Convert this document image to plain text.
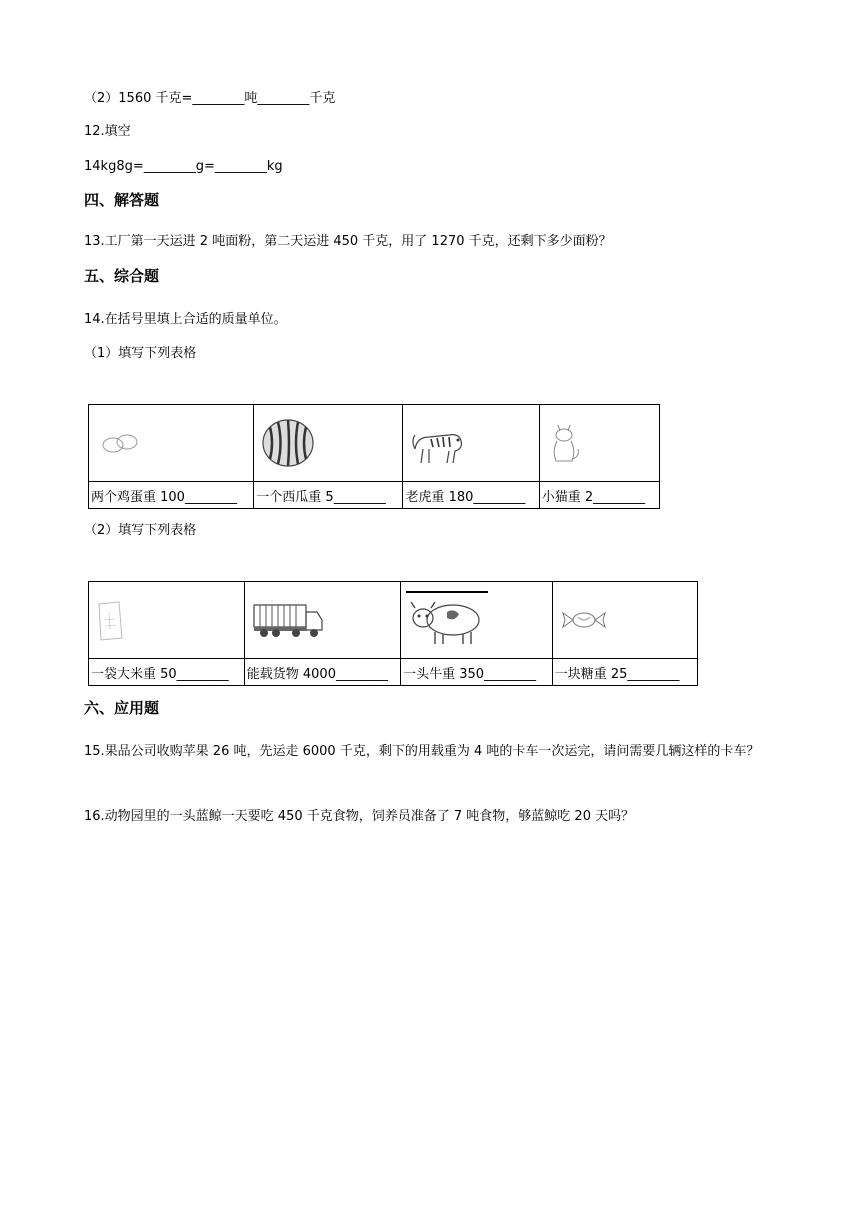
（2）1560 千克=________吨________千克
12.填空
14kg8g=________g=________kg
四、解答题
13.工厂第一天运进 2 吨面粉，第二天运进 450 千克，用了 1270 千克，还剩下多少面粉？
五、综合题
14.在括号里填上合适的质量单位。
（1）填写下列表格

两个鸡蛋重 100________	一个西瓜重 5________	老虎重 180________	小猫重 2________
（2）填写下列表格

一袋大米重 50________	能载货物 4000________	一头牛重 350________	一块糖重 25________
六、应用题
15.果品公司收购苹果 26 吨，先运走 6000 千克，剩下的用载重为 4 吨的卡车一次运完，请问需要几辆这样的卡车？
16.动物园里的一头蓝鲸一天要吃 450 千克食物，饲养员准备了 7 吨食物，够蓝鲸吃 20 天吗？
